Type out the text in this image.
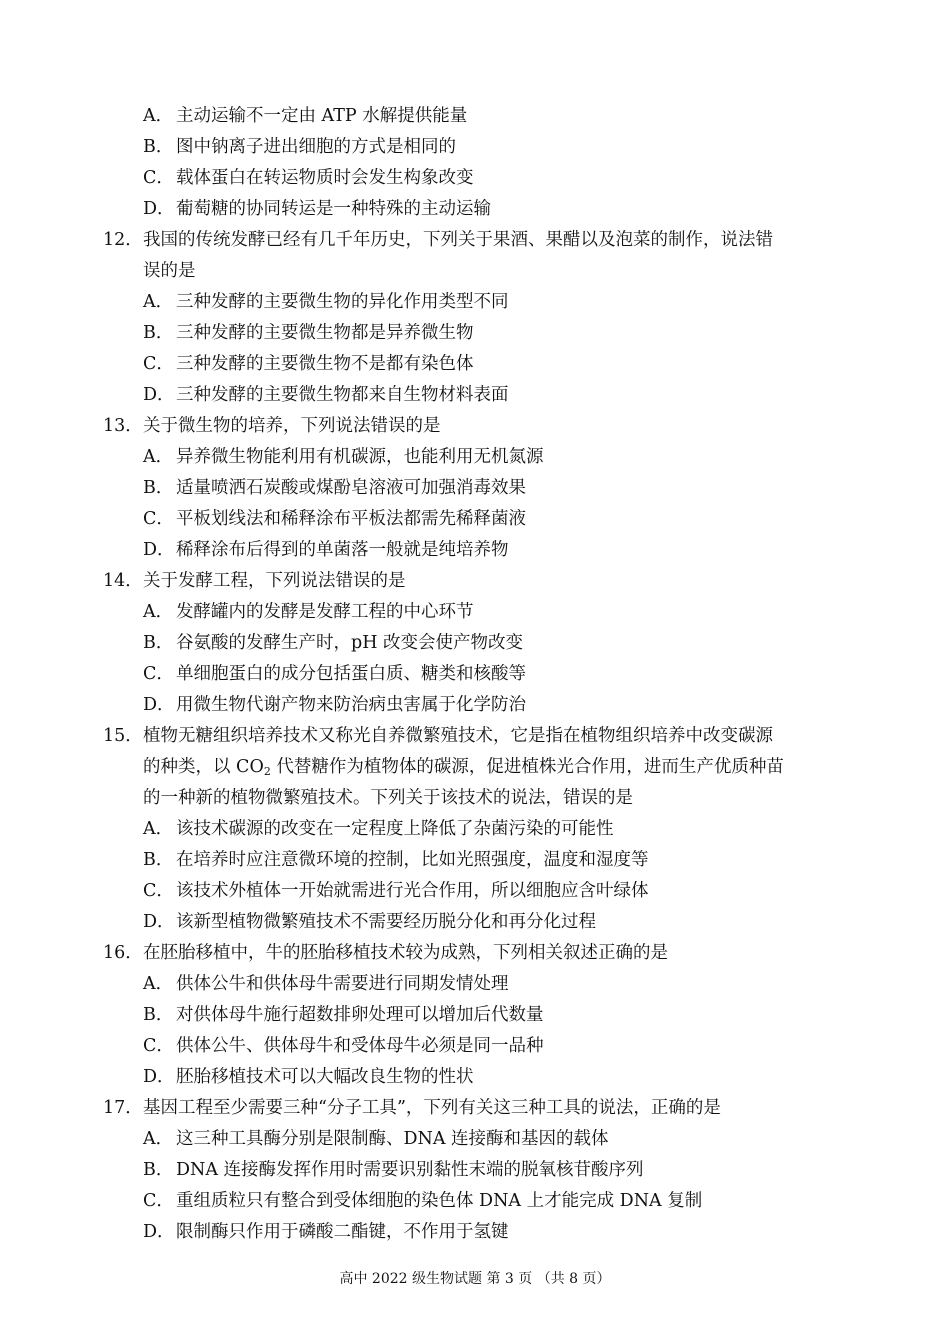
A． 主动运输不一定由 ATP 水解提供能量
B． 图中钠离子进出细胞的方式是相同的
C． 载体蛋白在转运物质时会发生构象改变
D．葡萄糖的协同转运是一种特殊的主动运输
12．我国的传统发酵已经有几千年历史，下列关于果酒、果醋以及泡菜的制作，说法错
误的是
A． 三种发酵的主要微生物的异化作用类型不同
B． 三种发酵的主要微生物都是异养微生物
C． 三种发酵的主要微生物不是都有染色体
D．三种发酵的主要微生物都来自生物材料表面
13．关于微生物的培养，下列说法错误的是
A． 异养微生物能利用有机碳源，也能利用无机氮源
B． 适量喷洒石炭酸或煤酚皂溶液可加强消毒效果
C． 平板划线法和稀释涂布平板法都需先稀释菌液
D．稀释涂布后得到的单菌落一般就是纯培养物
14．关于发酵工程，下列说法错误的是
A． 发酵罐内的发酵是发酵工程的中心环节
B． 谷氨酸的发酵生产时，pH 改变会使产物改变
C． 单细胞蛋白的成分包括蛋白质、糖类和核酸等
D．用微生物代谢产物来防治病虫害属于化学防治
15．植物无糖组织培养技术又称光自养微繁殖技术，它是指在植物组织培养中改变碳源
的种类，以 $CO_2$ 代替糖作为植物体的碳源，促进植株光合作用，进而生产优质种苗
的一种新的植物微繁殖技术。下列关于该技术的说法，错误的是
A． 该技术碳源的改变在一定程度上降低了杂菌污染的可能性
B． 在培养时应注意微环境的控制，比如光照强度，温度和湿度等
C． 该技术外植体一开始就需进行光合作用，所以细胞应含叶绿体
D．该新型植物微繁殖技术不需要经历脱分化和再分化过程
16．在胚胎移植中，牛的胚胎移植技术较为成熟，下列相关叙述正确的是
A． 供体公牛和供体母牛需要进行同期发情处理
B． 对供体母牛施行超数排卵处理可以增加后代数量
C． 供体公牛、供体母牛和受体母牛必须是同一品种
D．胚胎移植技术可以大幅改良生物的性状
17．基因工程至少需要三种“分子工具”，下列有关这三种工具的说法，正确的是
A． 这三种工具酶分别是限制酶、DNA 连接酶和基因的载体
B． DNA 连接酶发挥作用时需要识别黏性末端的脱氧核苷酸序列
C． 重组质粒只有整合到受体细胞的染色体 DNA 上才能完成 DNA 复制
D．限制酶只作用于磷酸二酯键，不作用于氢键
高中 2022 级生物试题 第 3 页 （共 8 页）
